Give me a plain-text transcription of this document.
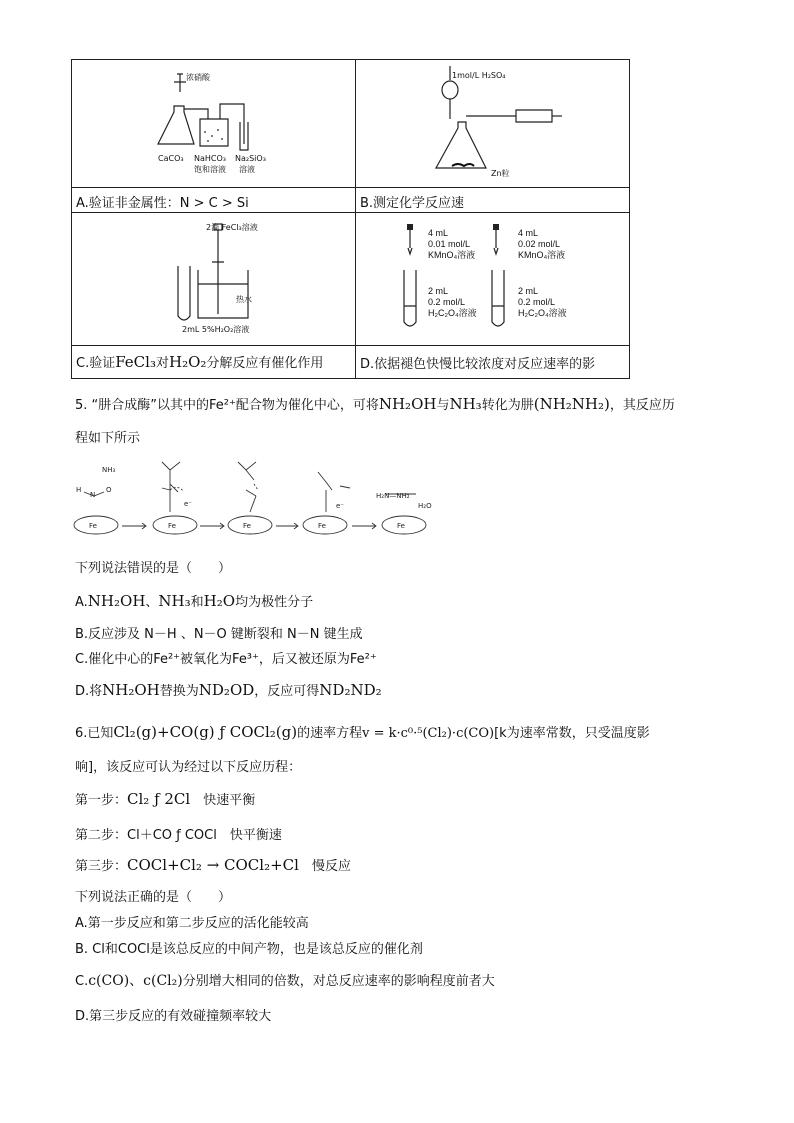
浓硝酸
CaCO₃ NaHCO₃
饱和溶液
Na₂SiO₃
溶液
1mol/L H₂SO₄
Zn粒
A.验证非金属性：N > C > Si	B.测定化学反应速
2滴 FeCl₃溶液
热水
2mL 5%H₂O₂溶液
4 mL
0.01 mol/L
KMnO₄溶液
4 mL
0.02 mol/L
KMnO₄溶液
2 mL
0.2 mol/L
H₂C₂O₄溶液
2 mL
0.2 mol/L
H₂C₂O₄溶液
C.验证FeCl₃对H₂O₂分解反应有催化作用	D.依据褪色快慢比较浓度对反应速率的影
5. “肼合成酶”以其中的Fe²⁺配合物为催化中心，可将NH₂OH与NH₃转化为肼(NH₂NH₂)，其反应历
程如下所示
NH₃
H
N
O
Fe	Fe	Fe	Fe	Fe
e⁻	e⁻
H₂N—NH₂
H₂O
下列说法错误的是（　　）
A.NH₂OH、NH₃和H₂O均为极性分子
B.反应涉及 N－H 、N－O 键断裂和 N－N 键生成
C.催化中心的Fe²⁺被氧化为Fe³⁺，后又被还原为Fe²⁺
D.将NH₂OH替换为ND₂OD，反应可得ND₂ND₂
6.已知Cl₂(g)+CO(g) ƒ COCl₂(g)的速率方程v = k·c⁰·⁵(Cl₂)·c(CO)[k为速率常数，只受温度影
响]，该反应可认为经过以下反应历程：
第一步：Cl₂ ƒ 2Cl　 快速平衡
第二步：Cl＋CO ƒ COCl　快平衡速
第三步：COCl+Cl₂ → COCl₂+Cl　 慢反应
下列说法正确的是（　　）
A.第一步反应和第二步反应的活化能较高
B. Cl和COCl是该总反应的中间产物，也是该总反应的催化剂
C.c(CO)、c(Cl₂)分别增大相同的倍数，对总反应速率的影响程度前者大
D.第三步反应的有效碰撞频率较大
